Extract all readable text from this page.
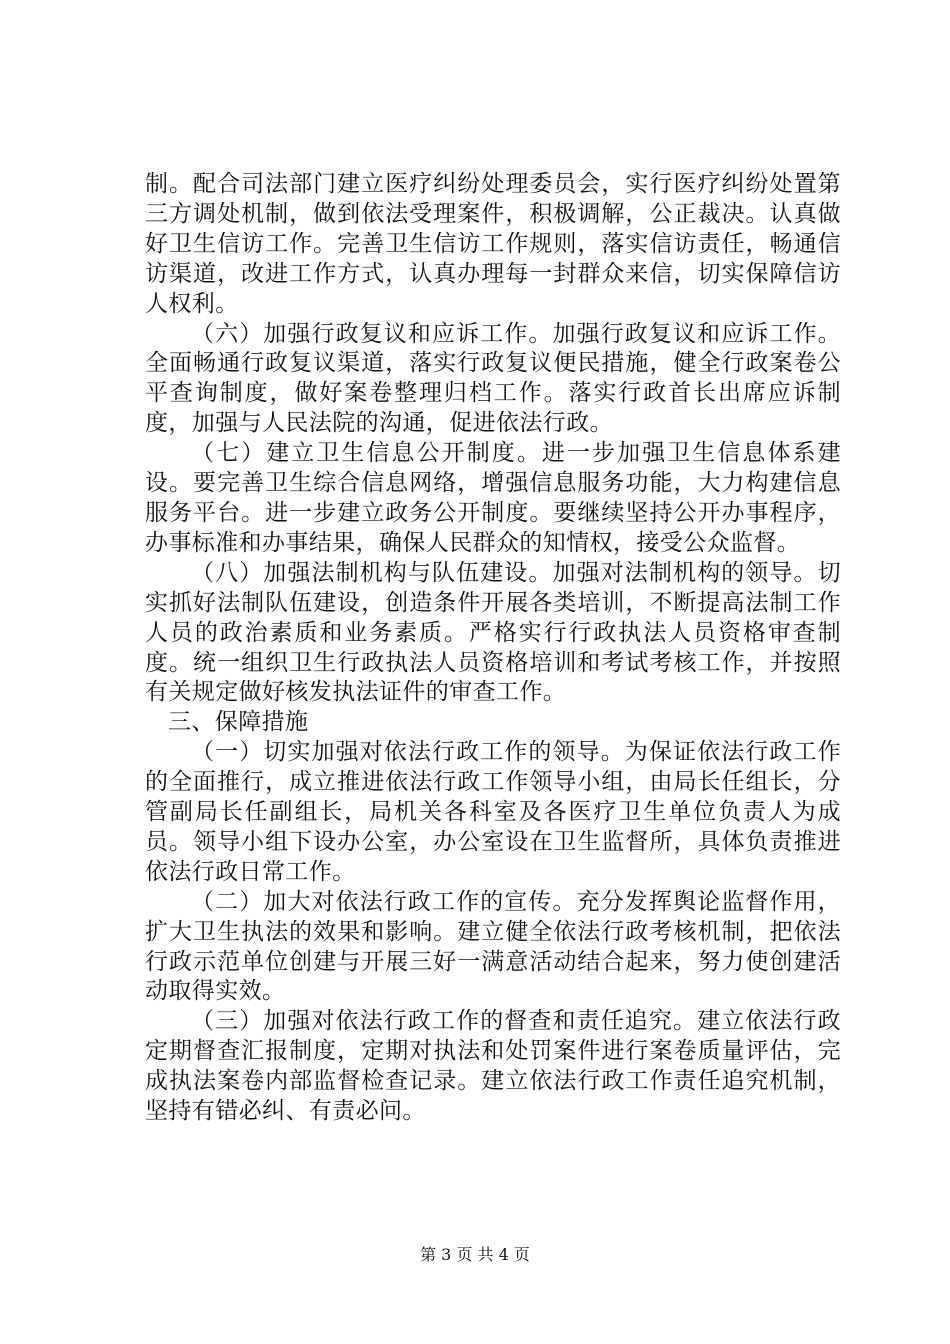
制。配合司法部门建立医疗纠纷处理委员会，实行医疗纠纷处置第三方调处机制，做到依法受理案件，积极调解，公正裁决。认真做好卫生信访工作。完善卫生信访工作规则，落实信访责任，畅通信访渠道，改进工作方式，认真办理每一封群众来信，切实保障信访人权利。

（六）加强行政复议和应诉工作。加强行政复议和应诉工作。全面畅通行政复议渠道，落实行政复议便民措施，健全行政案卷公平查询制度，做好案卷整理归档工作。落实行政首长出席应诉制度，加强与人民法院的沟通，促进依法行政。

（七）建立卫生信息公开制度。进一步加强卫生信息体系建设。要完善卫生综合信息网络，增强信息服务功能，大力构建信息服务平台。进一步建立政务公开制度。要继续坚持公开办事程序，办事标准和办事结果，确保人民群众的知情权，接受公众监督。

（八）加强法制机构与队伍建设。加强对法制机构的领导。切实抓好法制队伍建设，创造条件开展各类培训，不断提高法制工作人员的政治素质和业务素质。严格实行行政执法人员资格审查制度。统一组织卫生行政执法人员资格培训和考试考核工作，并按照有关规定做好核发执法证件的审查工作。

三、保障措施

（一）切实加强对依法行政工作的领导。为保证依法行政工作的全面推行，成立推进依法行政工作领导小组，由局长任组长，分管副局长任副组长，局机关各科室及各医疗卫生单位负责人为成员。领导小组下设办公室，办公室设在卫生监督所，具体负责推进依法行政日常工作。

（二）加大对依法行政工作的宣传。充分发挥舆论监督作用，扩大卫生执法的效果和影响。建立健全依法行政考核机制，把依法行政示范单位创建与开展三好一满意活动结合起来，努力使创建活动取得实效。

（三）加强对依法行政工作的督查和责任追究。建立依法行政定期督查汇报制度，定期对执法和处罚案件进行案卷质量评估，完成执法案卷内部监督检查记录。建立依法行政工作责任追究机制，坚持有错必纠、有责必问。

第 3 页 共 4 页
